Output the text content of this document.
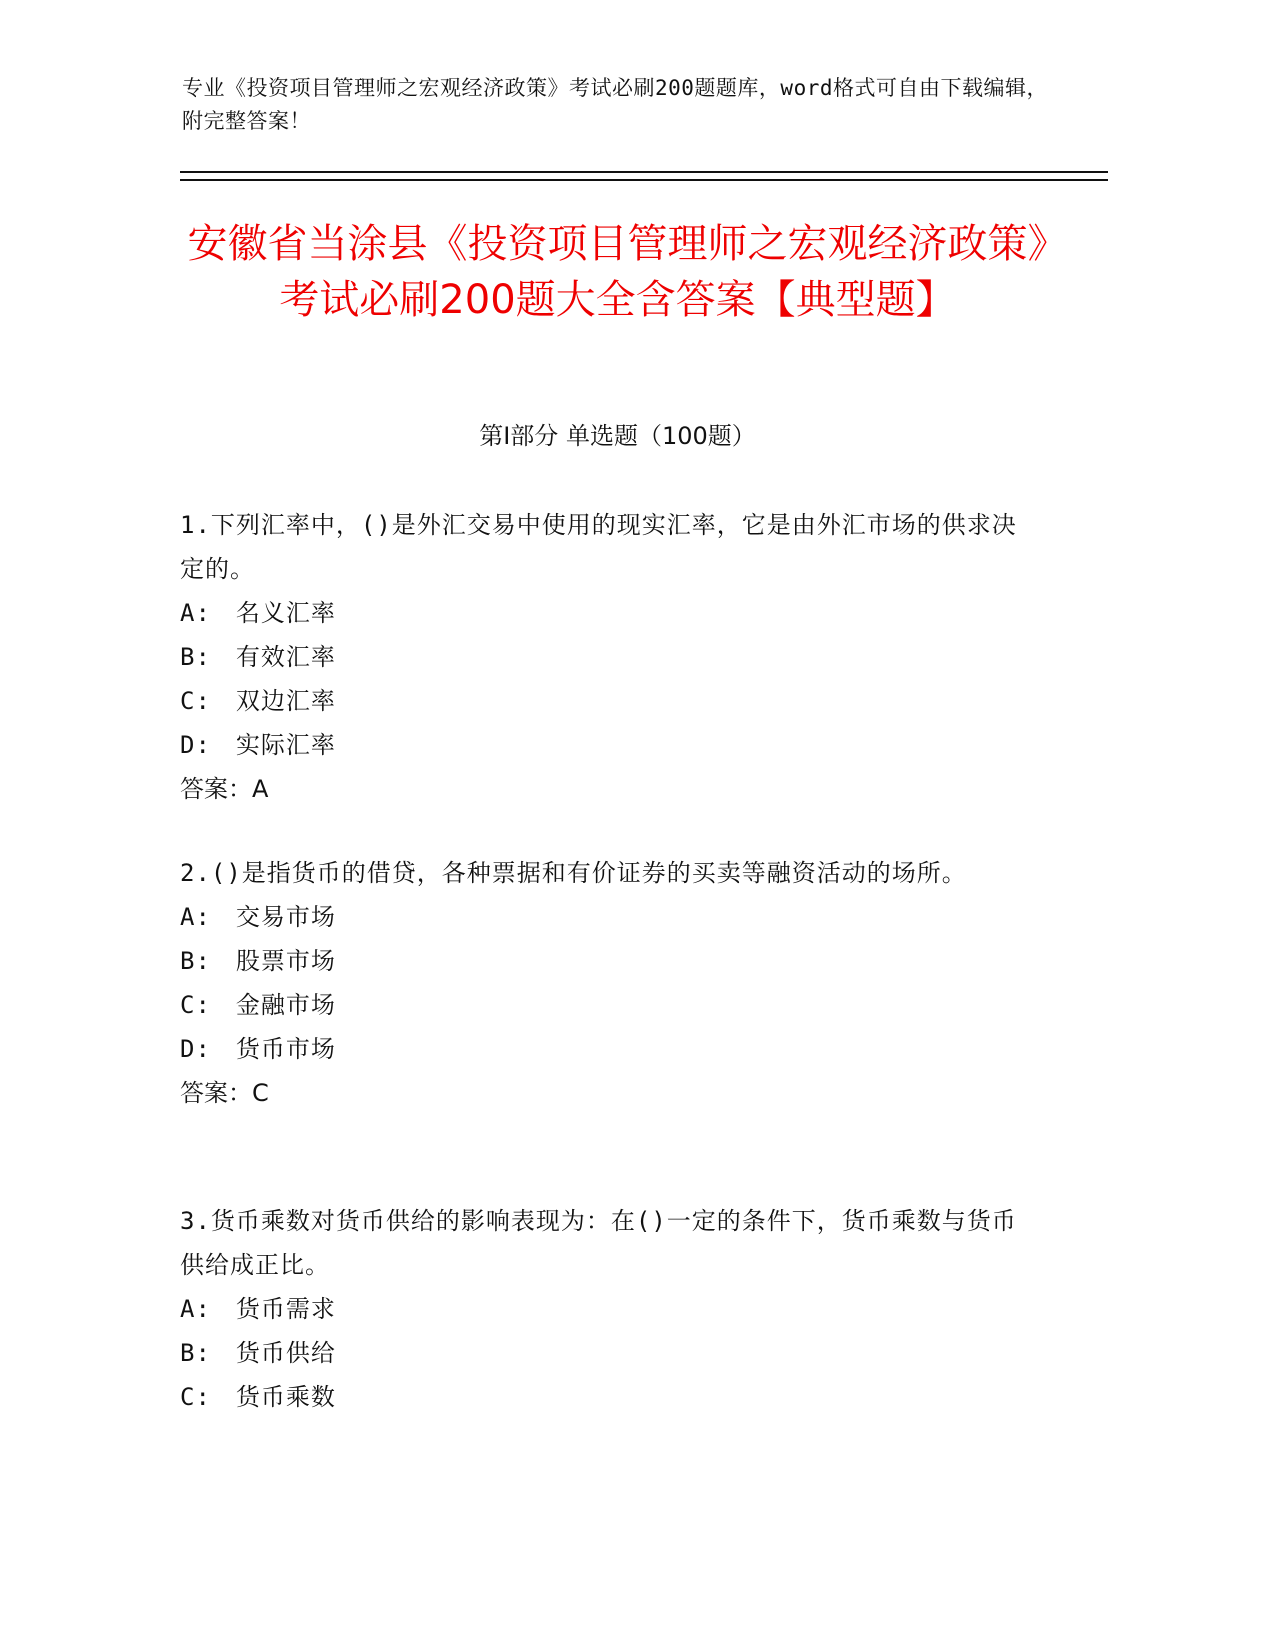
专业《投资项目管理师之宏观经济政策》考试必刷200题题库，word格式可自由下载编辑，附完整答案！
安徽省当涂县《投资项目管理师之宏观经济政策》考试必刷200题大全含答案【典型题】
第Ⅰ部分 单选题（100题）

1.下列汇率中，()是外汇交易中使用的现实汇率，它是由外汇市场的供求决定的。

A:　名义汇率
B:　有效汇率
C:　双边汇率
D:　实际汇率
答案：A

2.()是指货币的借贷，各种票据和有价证券的买卖等融资活动的场所。

A:　交易市场
B:　股票市场
C:　金融市场
D:　货币市场
答案：C

3.货币乘数对货币供给的影响表现为：在()一定的条件下，货币乘数与货币供给成正比。

A:　货币需求
B:　货币供给
C:　货币乘数
